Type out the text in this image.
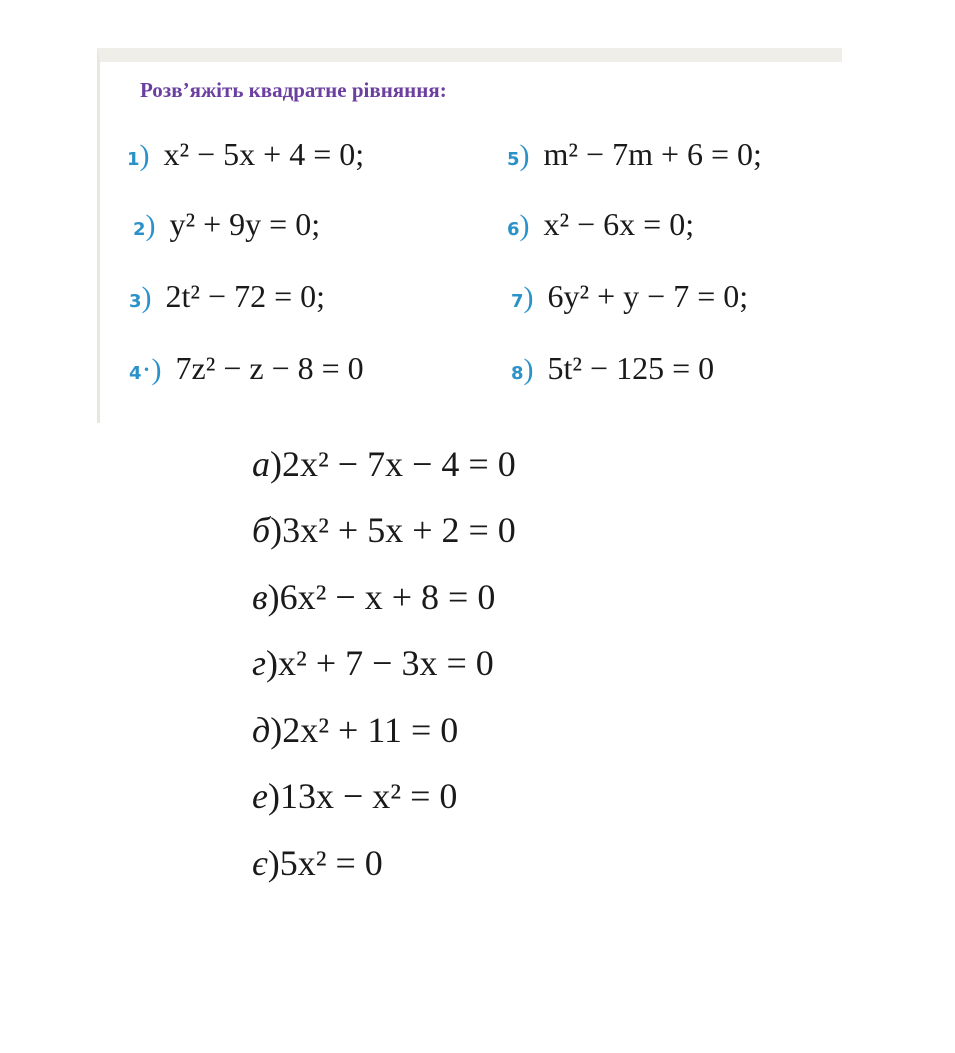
Розв’яжіть квадратне рівняння:
1) x² − 5x + 4 = 0;
2) y² + 9y = 0;
3) 2t² − 72 = 0;
4·) 7z² − z − 8 = 0
5) m² − 7m + 6 = 0;
6) x² − 6x = 0;
7) 6y² + y − 7 = 0;
8) 5t² − 125 = 0
а)2x² − 7x − 4 = 0
б)3x² + 5x + 2 = 0
в)6x² − x + 8 = 0
г)x² + 7 − 3x = 0
д)2x² + 11 = 0
е)13x − x² = 0
є)5x² = 0
